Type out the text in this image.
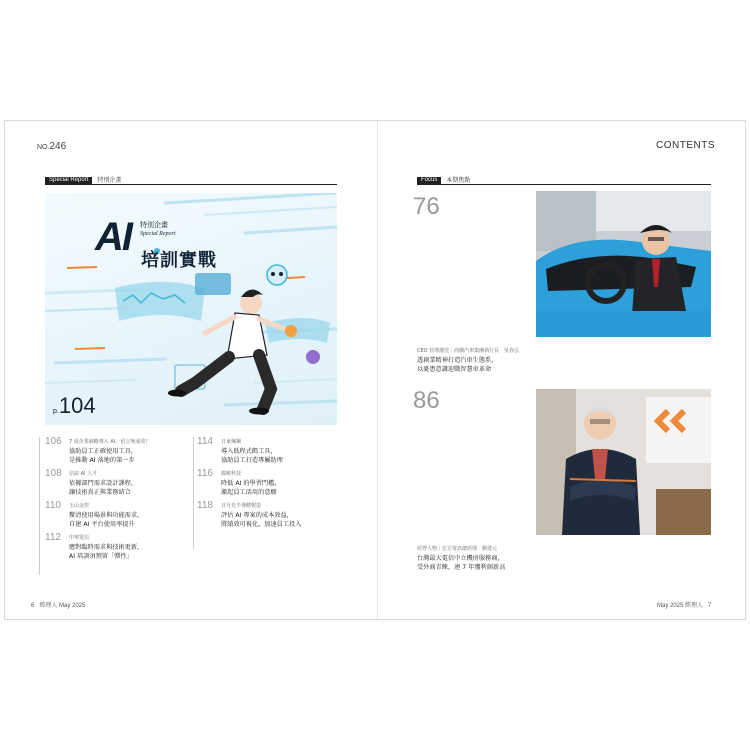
NO.246
Special Report	特別企畫
AI 特別企畫
Special Report
培訓實戰
p.104
106 7 成企業麻略導入 AI，留言無成效？
協助員工正確使用工具，
是推動 AI 落地的第一步
108 信誼 AI 人才
依據部門需求設計課程，
讓技術真正與業務結合
110 玉山金控
釐清使用場景與功能需求，
自建 AI 平台使用率提升
112 中華電信
應對臨時需求與技術更新，
AI 培訓須預留「彈性」
114 日東煉鋼
導入低程式碼工具，
協助員工打造專屬助理
116 緯軟科技
降低 AI 的學習門檻，
激起員工活用的意願
118 日月光半導體製造
評估 AI 專案的成本效益，
將績效可視化，加速員工投入
6 經理人 May 2025
CONTENTS
Focus	本期焦點
76
CEO 管理講堂｜尚騰汽車集團執行長　吳春弘
透創業精神打造汽車生態系，
以憂患意識迎戰智慧車革命
86
經營人物｜宏方電訊總經理　劉建元
台灣最大電信中立機房服務商，
受外商青睞，連 7 年獲利創新高
May 2025 經理人 7
